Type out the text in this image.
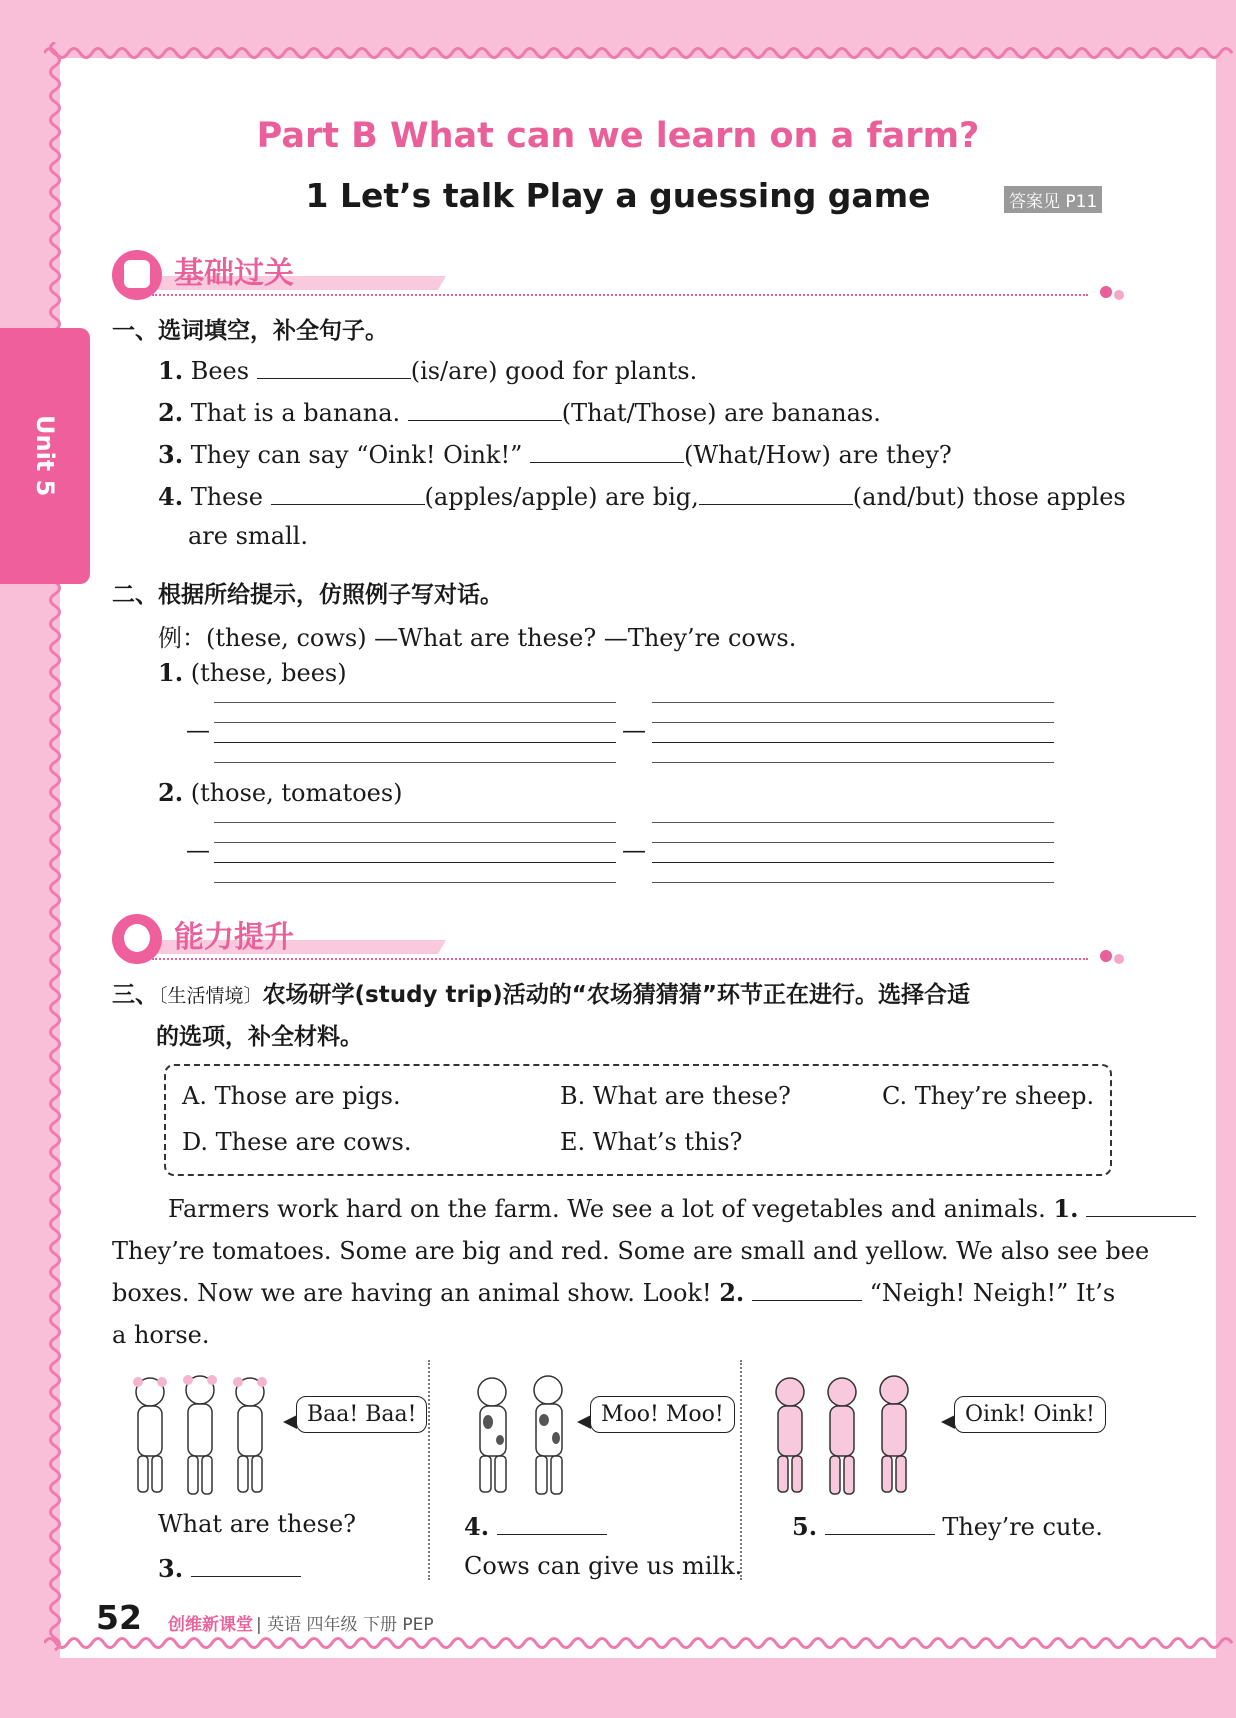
Unit 5
Part B What can we learn on a farm?
1 Let’s talk Play a guessing game	答案见 P11
基础过关
一、选词填空，补全句子。
1. Bees	(is/are) good for plants.
2. That is a banana.	(That/Those) are bananas.
3. They can say “Oink! Oink!”	(What/How) are they?
4. These	(apples/apple) are big,	(and/but) those apples
are small.
二、根据所给提示，仿照例子写对话。
例：(these, cows) —What are these? —They’re cows.
1. (these, bees)
—	—
2. (those, tomatoes)
—	—
能力提升
三、〔生活情境〕农场研学(study trip)活动的“农场猜猜猜”环节正在进行。选择合适
的选项，补全材料。
A. Those are pigs.	B. What are these?	C. They’re sheep.
D. These are cows.	E. What’s this?
Farmers work hard on the farm. We see a lot of vegetables and animals. 1.
They’re tomatoes. Some are big and red. Some are small and yellow. We also see bee
boxes. Now we are having an animal show. Look! 2.	“Neigh! Neigh!” It’s
a horse.
Baa! Baa!
What are these?
3.
Moo! Moo!
4.
Cows can give us milk.
Oink! Oink!
5.	They’re cute.
52 创维新课堂 | 英语 四年级 下册 PEP
